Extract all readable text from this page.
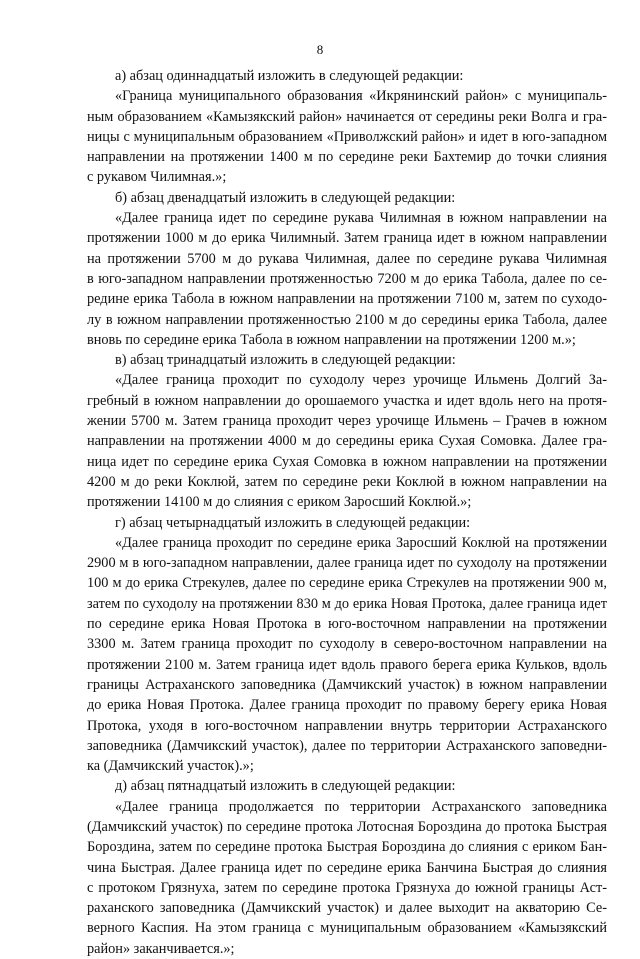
8
а) абзац одиннадцатый изложить в следующей редакции:
«Граница муниципального образования «Икрянинский район» с муниципаль-
ным образованием «Камызякский район» начинается от середины реки Волга и гра-
ницы с муниципальным образованием «Приволжский район» и идет в юго-западном
направлении на протяжении 1400 м по середине реки Бахтемир до точки слияния
с рукавом Чилимная.»;
б) абзац двенадцатый изложить в следующей редакции:
«Далее граница идет по середине рукава Чилимная в южном направлении на
протяжении 1000 м до ерика Чилимный. Затем граница идет в южном направлении
на протяжении 5700 м до рукава Чилимная, далее по середине рукава Чилимная
в юго-западном направлении протяженностью 7200 м до ерика Табола, далее по се-
редине ерика Табола в южном направлении на протяжении 7100 м, затем по суходо-
лу в южном направлении протяженностью 2100 м до середины ерика Табола, далее
вновь по середине ерика Табола в южном направлении на протяжении 1200 м.»;
в) абзац тринадцатый изложить в следующей редакции:
«Далее граница проходит по суходолу через урочище Ильмень Долгий За-
гребный в южном направлении до орошаемого участка и идет вдоль него на протя-
жении 5700 м. Затем граница проходит через урочище Ильмень – Грачев в южном
направлении на протяжении 4000 м до середины ерика Сухая Сомовка. Далее гра-
ница идет по середине ерика Сухая Сомовка в южном направлении на протяжении
4200 м до реки Коклюй, затем по середине реки Коклюй в южном направлении на
протяжении 14100 м до слияния с ериком Заросший Коклюй.»;
г) абзац четырнадцатый изложить в следующей редакции:
«Далее граница проходит по середине ерика Заросший Коклюй на протяжении
2900 м в юго-западном направлении, далее граница идет по суходолу на протяжении
100 м до ерика Стрекулев, далее по середине ерика Стрекулев на протяжении 900 м,
затем по суходолу на протяжении 830 м до ерика Новая Протока, далее граница идет
по середине ерика Новая Протока в юго-восточном направлении на протяжении
3300 м. Затем граница проходит по суходолу в северо-восточном направлении на
протяжении 2100 м. Затем граница идет вдоль правого берега ерика Кульков, вдоль
границы Астраханского заповедника (Дамчикский участок) в южном направлении
до ерика Новая Протока. Далее граница проходит по правому берегу ерика Новая
Протока, уходя в юго-восточном направлении внутрь территории Астраханского
заповедника (Дамчикский участок), далее по территории Астраханского заповедни-
ка (Дамчикский участок).»;
д) абзац пятнадцатый изложить в следующей редакции:
«Далее граница продолжается по территории Астраханского заповедника
(Дамчикский участок) по середине протока Лотосная Бороздина до протока Быстрая
Бороздина, затем по середине протока Быстрая Бороздина до слияния с ериком Бан-
чина Быстрая. Далее граница идет по середине ерика Банчина Быстрая до слияния
с протоком Грязнуха, затем по середине протока Грязнуха до южной границы Аст-
раханского заповедника (Дамчикский участок) и далее выходит на акваторию Се-
верного Каспия. На этом граница с муниципальным образованием «Камызякский
район» заканчивается.»;
